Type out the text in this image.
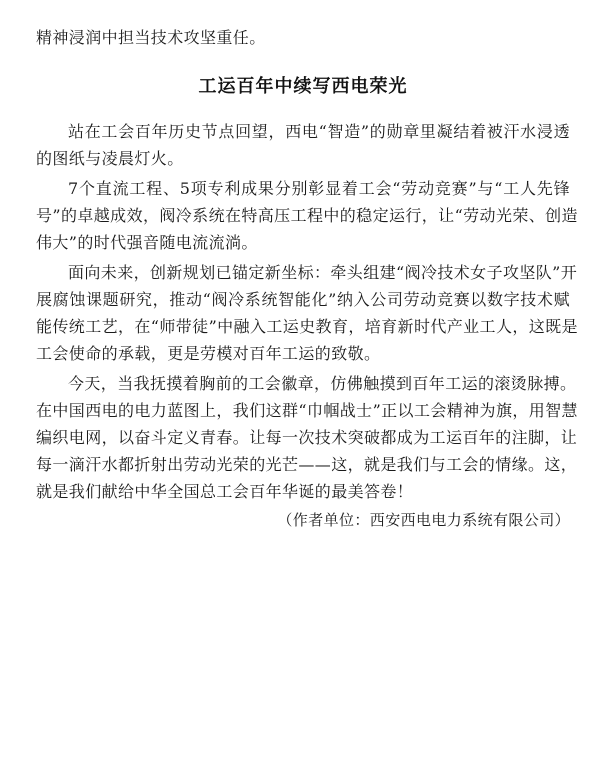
精神浸润中担当技术攻坚重任。

工运百年中续写西电荣光

站在工会百年历史节点回望，西电“智造”的勋章里凝结着被汗水浸透

的图纸与凌晨灯火。

7个直流工程、5项专利成果分别彰显着工会“劳动竞赛”与“工人先锋

号”的卓越成效，阀冷系统在特高压工程中的稳定运行，让“劳动光荣、创造

伟大”的时代强音随电流流淌。

面向未来，创新规划已锚定新坐标：牵头组建“阀冷技术女子攻坚队”开

展腐蚀课题研究，推动“阀冷系统智能化”纳入公司劳动竞赛以数字技术赋

能传统工艺，在“师带徒”中融入工运史教育，培育新时代产业工人，这既是

工会使命的承载，更是劳模对百年工运的致敬。

今天，当我抚摸着胸前的工会徽章，仿佛触摸到百年工运的滚烫脉搏。

在中国西电的电力蓝图上，我们这群“巾帼战士”正以工会精神为旗，用智慧

编织电网，以奋斗定义青春。让每一次技术突破都成为工运百年的注脚，让

每一滴汗水都折射出劳动光荣的光芒——这，就是我们与工会的情缘。这，

就是我们献给中华全国总工会百年华诞的最美答卷！

（作者单位：西安西电电力系统有限公司）
